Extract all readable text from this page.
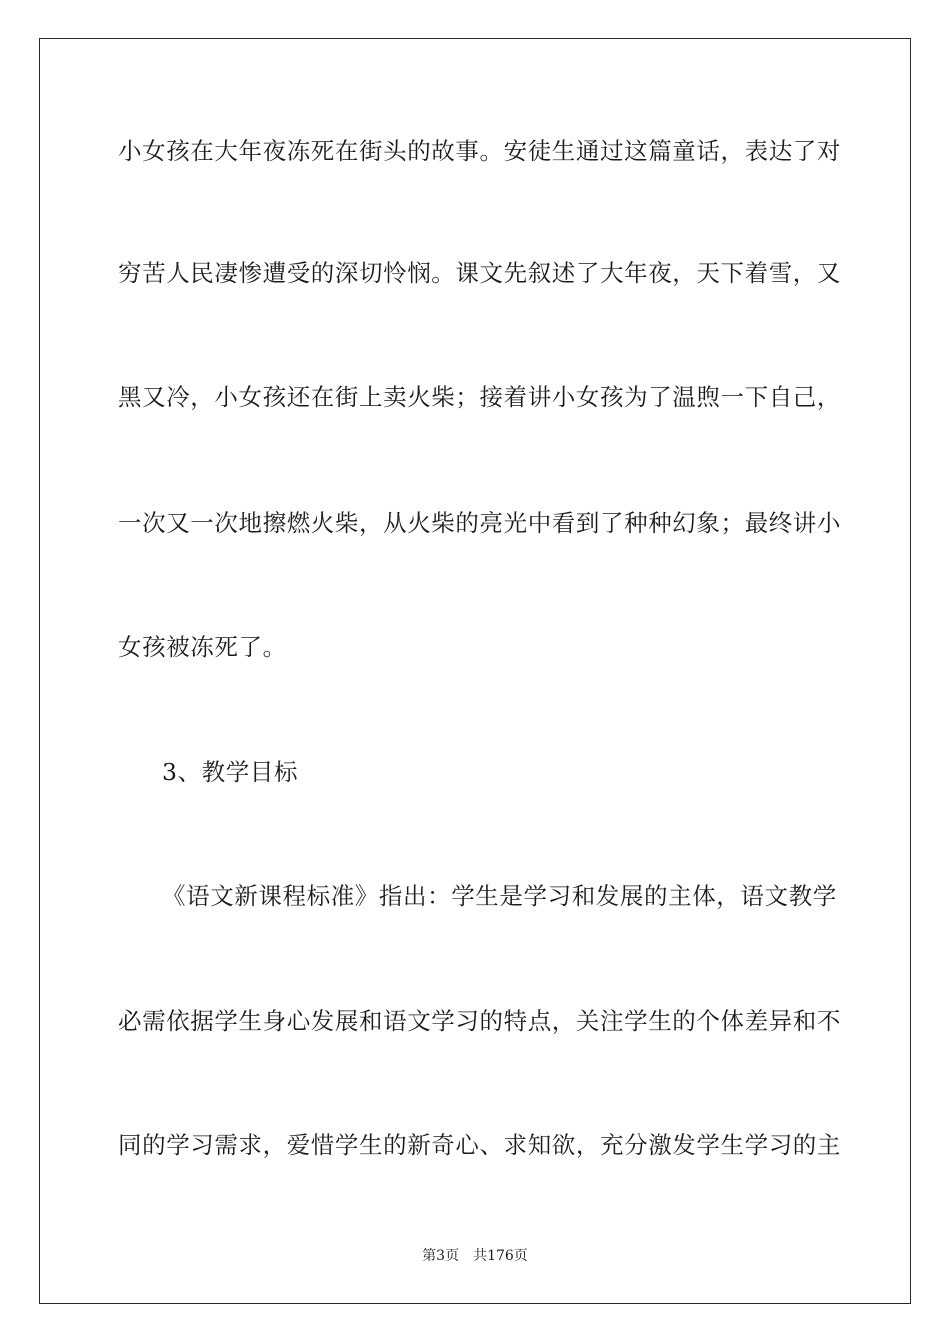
小女孩在大年夜冻死在街头的故事。安徒生通过这篇童话，表达了对
穷苦人民凄惨遭受的深切怜悯。课文先叙述了大年夜，天下着雪，又
黑又冷，小女孩还在街上卖火柴；接着讲小女孩为了温煦一下自己，
一次又一次地擦燃火柴，从火柴的亮光中看到了种种幻象；最终讲小
女孩被冻死了。
3、教学目标
《语文新课程标准》指出：学生是学习和发展的主体，语文教学
必需依据学生身心发展和语文学习的特点，关注学生的个体差异和不
同的学习需求，爱惜学生的新奇心、求知欲，充分激发学生学习的主
第3页　共176页
